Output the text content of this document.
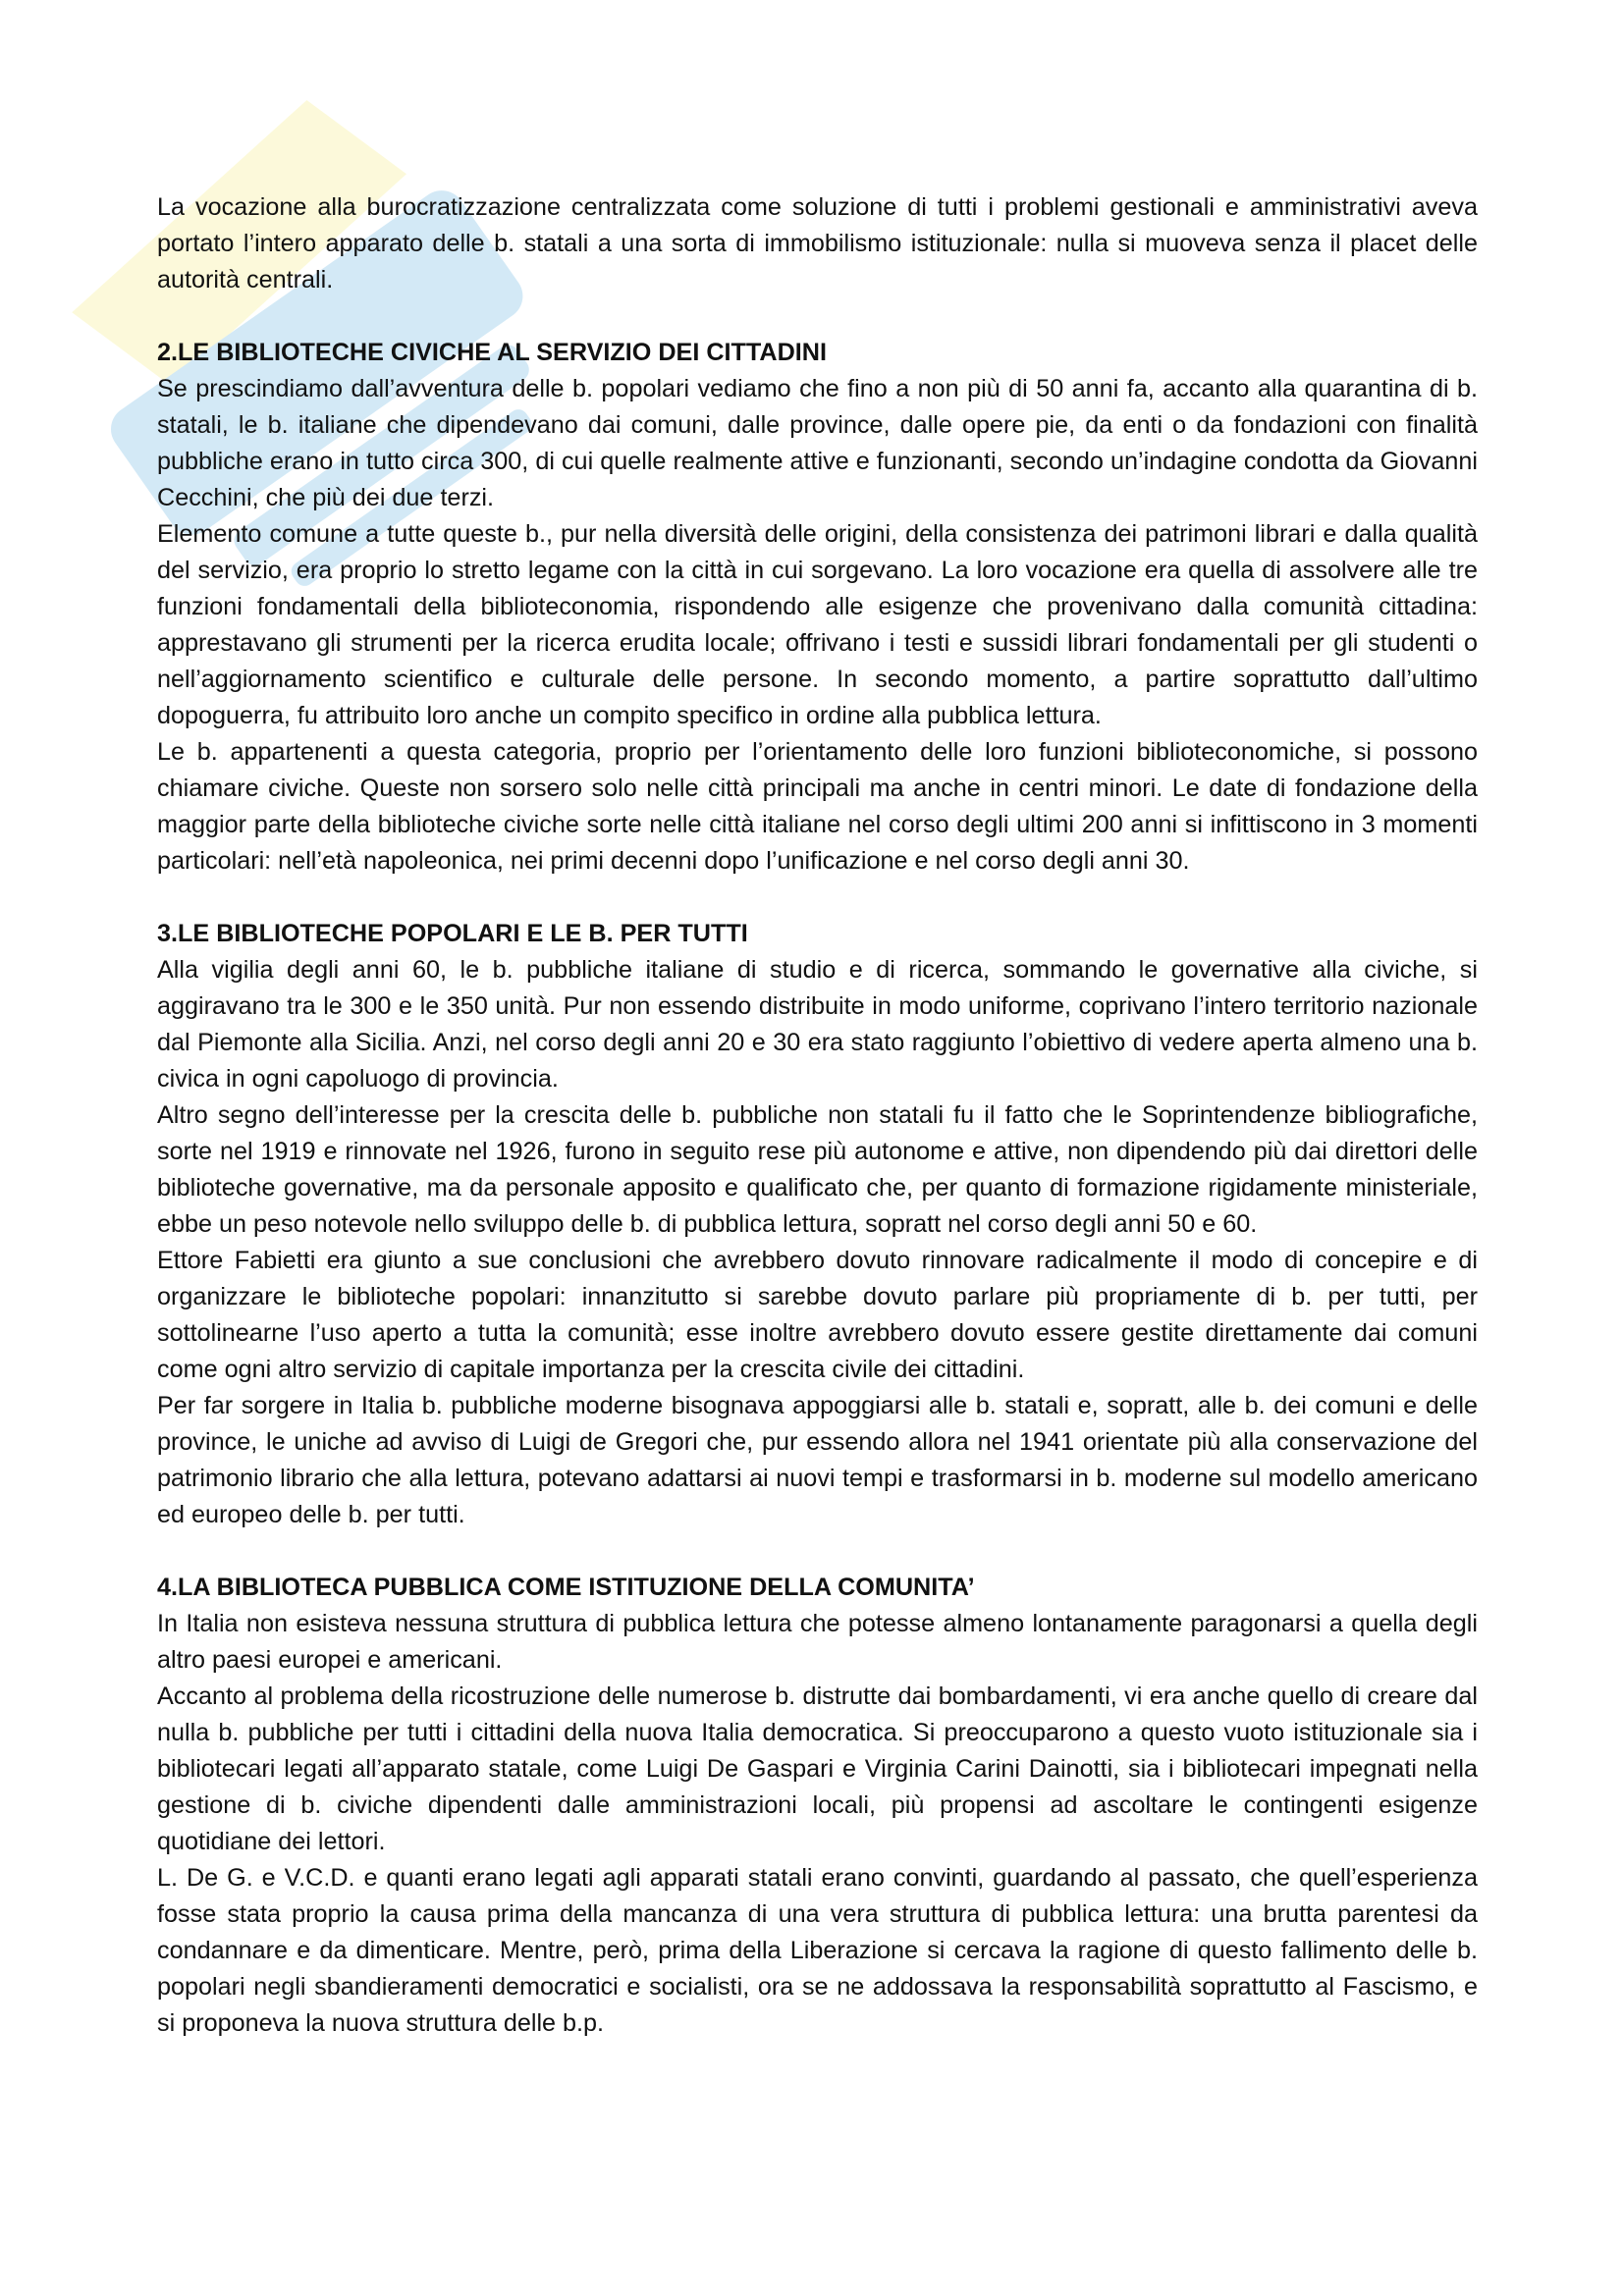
La vocazione alla burocratizzazione centralizzata come soluzione di tutti i problemi gestionali e amministrativi aveva portato l’intero apparato delle b. statali a una sorta di immobilismo istituzionale: nulla si muoveva senza il placet delle autorità centrali.

2.LE BIBLIOTECHE CIVICHE AL SERVIZIO DEI CITTADINI

Se prescindiamo dall’avventura delle b. popolari vediamo che fino a non più di 50 anni fa, accanto alla quarantina di b. statali, le b. italiane che dipendevano dai comuni, dalle province, dalle opere pie, da enti o da fondazioni con finalità pubbliche erano in tutto circa 300, di cui quelle realmente attive e funzionanti, secondo un’indagine condotta da Giovanni Cecchini, che più dei due terzi.

Elemento comune a tutte queste b., pur nella diversità delle origini, della consistenza dei patrimoni librari e dalla qualità del servizio, era proprio lo stretto legame con la città in cui sorgevano. La loro vocazione era quella di assolvere alle tre funzioni fondamentali della biblioteconomia, rispondendo alle esigenze che provenivano dalla comunità cittadina: apprestavano gli strumenti per la ricerca erudita locale; offrivano i testi e sussidi librari fondamentali per gli studenti o nell’aggiornamento scientifico e culturale delle persone. In secondo momento, a partire soprattutto dall’ultimo dopoguerra, fu attribuito loro anche un compito specifico in ordine alla pubblica lettura.

Le b. appartenenti a questa categoria, proprio per l’orientamento delle loro funzioni biblioteconomiche, si possono chiamare civiche. Queste non sorsero solo nelle città principali ma anche in centri minori. Le date di fondazione della maggior parte della biblioteche civiche sorte nelle città italiane nel corso degli ultimi 200 anni si infittiscono in 3 momenti particolari: nell’età napoleonica, nei primi decenni dopo l’unificazione e nel corso degli anni 30.

3.LE BIBLIOTECHE POPOLARI E LE B. PER TUTTI

Alla vigilia degli anni 60, le b. pubbliche italiane di studio e di ricerca, sommando le governative alla civiche, si aggiravano tra le 300 e le 350 unità. Pur non essendo distribuite in modo uniforme, coprivano l’intero territorio nazionale dal Piemonte alla Sicilia. Anzi, nel corso degli anni 20 e 30 era stato raggiunto l’obiettivo di vedere aperta almeno una b. civica in ogni capoluogo di provincia.

Altro segno dell’interesse per la crescita delle b. pubbliche non statali fu il fatto che le Soprintendenze bibliografiche, sorte nel 1919 e rinnovate nel 1926, furono in seguito rese più autonome e attive, non dipendendo più dai direttori delle biblioteche governative, ma da personale apposito e qualificato che, per quanto di formazione rigidamente ministeriale, ebbe un peso notevole nello sviluppo delle b. di pubblica lettura, sopratt nel corso degli anni 50 e 60.

Ettore Fabietti era giunto a sue conclusioni che avrebbero dovuto rinnovare radicalmente il modo di concepire e di organizzare le biblioteche popolari: innanzitutto si sarebbe dovuto parlare più propriamente di b. per tutti, per sottolinearne l’uso aperto a tutta la comunità; esse inoltre avrebbero dovuto essere gestite direttamente dai comuni come ogni altro servizio di capitale importanza per la crescita civile dei cittadini.

Per far sorgere in Italia b. pubbliche moderne bisognava appoggiarsi alle b. statali e, sopratt, alle b. dei comuni e delle province, le uniche ad avviso di Luigi de Gregori che, pur essendo allora nel 1941 orientate più alla conservazione del patrimonio librario che alla lettura, potevano adattarsi ai nuovi tempi e trasformarsi in b. moderne sul modello americano ed europeo delle b. per tutti.

4.LA BIBLIOTECA PUBBLICA COME ISTITUZIONE DELLA COMUNITA’

In Italia non esisteva nessuna struttura di pubblica lettura che potesse almeno lontanamente paragonarsi a quella degli altro paesi europei e americani.

Accanto al problema della ricostruzione delle numerose b. distrutte dai bombardamenti, vi era anche quello di creare dal nulla b. pubbliche per tutti i cittadini della nuova Italia democratica. Si preoccuparono a questo vuoto istituzionale sia i bibliotecari legati all’apparato statale, come Luigi De Gaspari e Virginia Carini Dainotti, sia i bibliotecari impegnati nella gestione di b. civiche dipendenti dalle amministrazioni locali, più propensi ad ascoltare le contingenti esigenze quotidiane dei lettori.

L. De G. e V.C.D. e quanti erano legati agli apparati statali erano convinti, guardando al passato, che quell’esperienza fosse stata proprio la causa prima della mancanza di una vera struttura di pubblica lettura: una brutta parentesi da condannare e da dimenticare. Mentre, però, prima della Liberazione si cercava la ragione di questo fallimento delle b. popolari negli sbandieramenti democratici e socialisti, ora se ne addossava la responsabilità soprattutto al Fascismo, e si proponeva la nuova struttura delle b.p.
